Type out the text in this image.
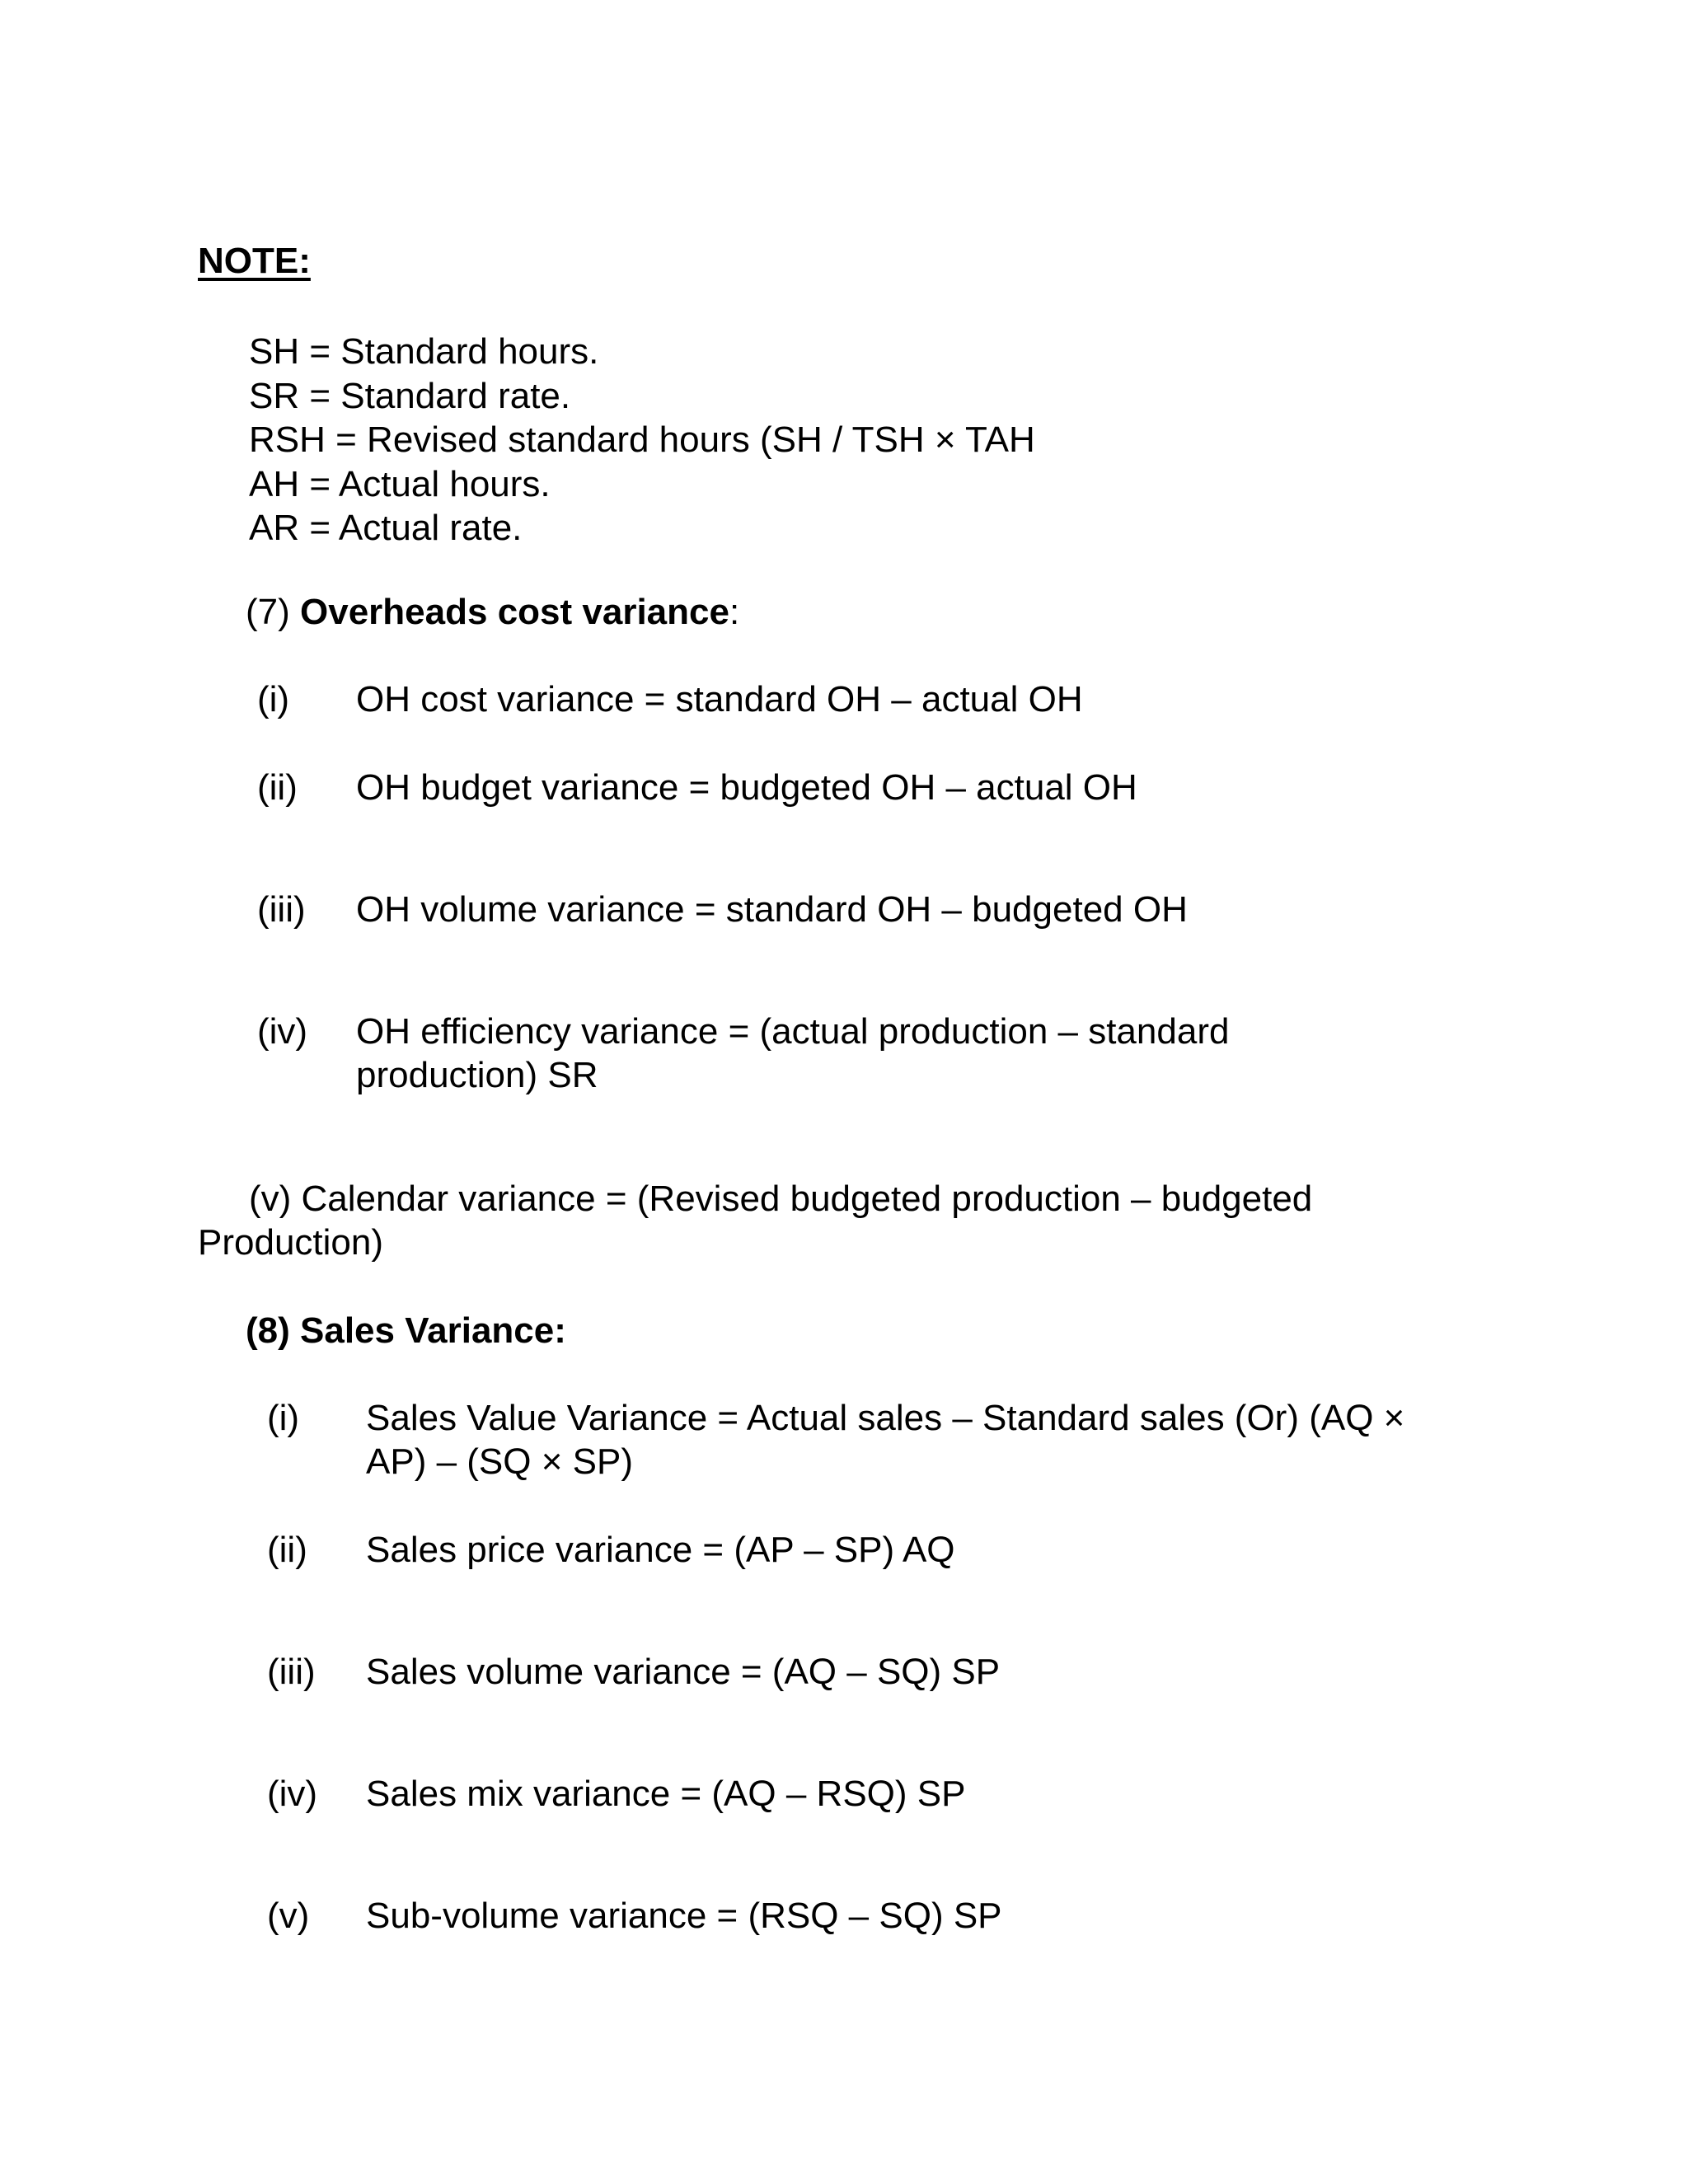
NOTE:
SH = Standard hours.
SR = Standard rate.
RSH = Revised standard hours (SH / TSH × TAH
AH = Actual hours.
AR = Actual rate.
(7) Overheads cost variance:
(i) OH cost variance = standard OH – actual OH
(ii) OH budget variance = budgeted OH – actual OH
(iii) OH volume variance = standard OH – budgeted OH
(iv) OH efficiency variance = (actual production – standard
production) SR
(v) Calendar variance = (Revised budgeted production – budgeted
Production)
(8) Sales Variance:
(i) Sales Value Variance = Actual sales – Standard sales (Or) (AQ ×
AP) – (SQ × SP)
(ii) Sales price variance = (AP – SP) AQ
(iii) Sales volume variance = (AQ – SQ) SP
(iv) Sales mix variance = (AQ – RSQ) SP
(v) Sub-volume variance = (RSQ – SQ) SP
